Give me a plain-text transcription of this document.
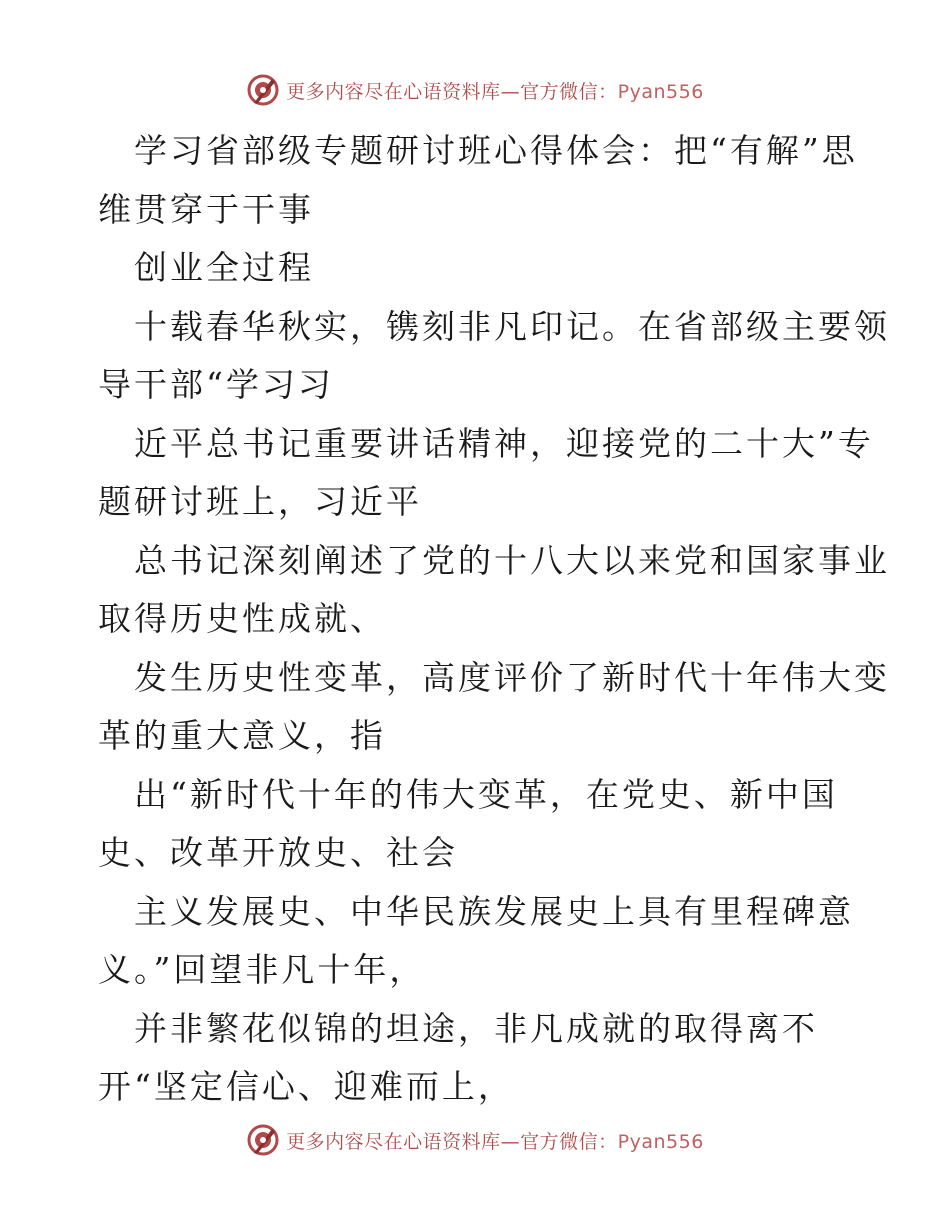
更多内容尽在心语资料库—官方微信：Pyan556
学习省部级专题研讨班心得体会：把“有解”思
维贯穿于干事
创业全过程
十载春华秋实，镌刻非凡印记。在省部级主要领
导干部“学习习
近平总书记重要讲话精神，迎接党的二十大”专
题研讨班上，习近平
总书记深刻阐述了党的十八大以来党和国家事业
取得历史性成就、
发生历史性变革，高度评价了新时代十年伟大变
革的重大意义，指
出“新时代十年的伟大变革，在党史、新中国
史、改革开放史、社会
主义发展史、中华民族发展史上具有里程碑意
义。”回望非凡十年，
并非繁花似锦的坦途，非凡成就的取得离不
开“坚定信心、迎难而上，
更多内容尽在心语资料库—官方微信：Pyan556
